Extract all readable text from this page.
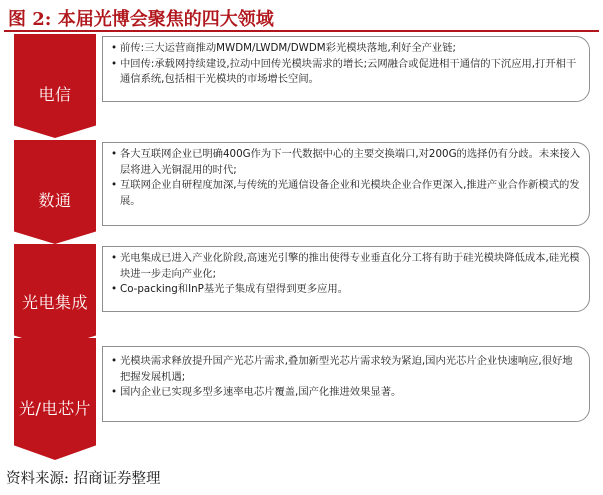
图 2: 本届光博会聚焦的四大领域
电信

• 前传:三大运营商推动MWDM/LWDM/DWDM彩光模块落地,利好全产业链;

• 中回传:承载网持续建设,拉动中回传光模块需求的增长;云网融合或促进相干通信的下沉应用,打开相干通信系统,包括相干光模块的市场增长空间。

数通

• 各大互联网企业已明确400G作为下一代数据中心的主要交换端口,对200G的选择仍有分歧。未来接入层将进入光铜混用的时代;

• 互联网企业自研程度加深,与传统的光通信设备企业和光模块企业合作更深入,推进产业合作新模式的发展。

光电集成

• 光电集成已进入产业化阶段,高速光引擎的推出使得专业垂直化分工将有助于硅光模块降低成本,硅光模块进一步走向产业化;

• Co-packing和InP基光子集成有望得到更多应用。

光/电芯片

• 光模块需求释放提升国产光芯片需求,叠加新型光芯片需求较为紧迫,国内光芯片企业快速响应,很好地把握发展机遇;

• 国内企业已实现多型多速率电芯片覆盖,国产化推进效果显著。

资料来源: 招商证券整理
